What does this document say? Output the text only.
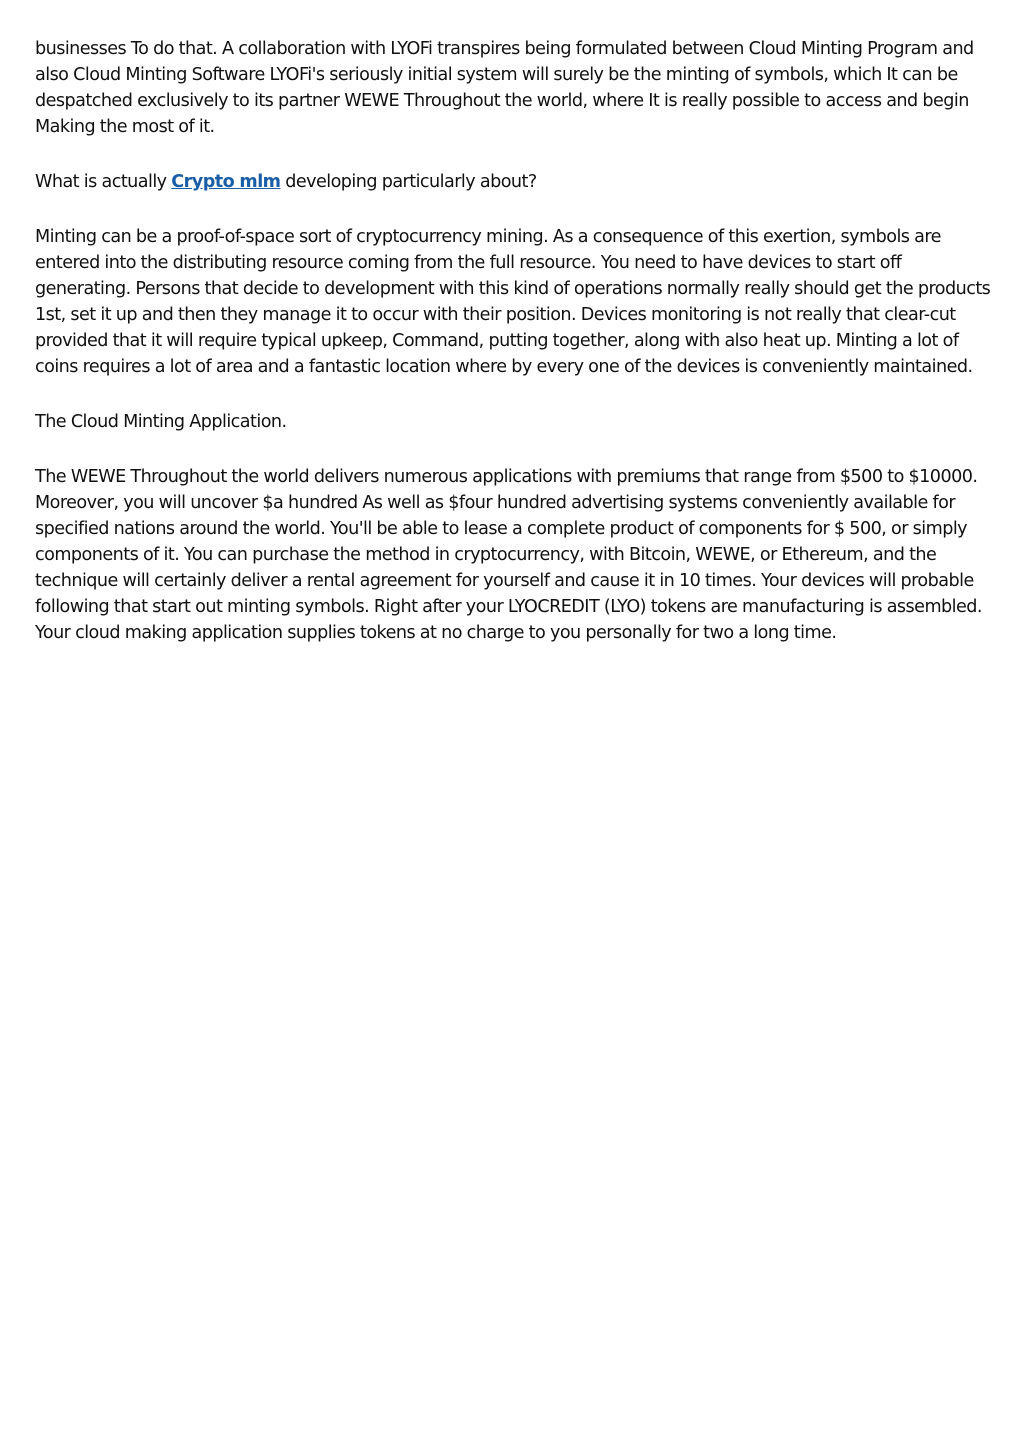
businesses To do that. A collaboration with LYOFi transpires being formulated between Cloud Minting Program and also Cloud Minting Software LYOFi's seriously initial system will surely be the minting of symbols, which It can be despatched exclusively to its partner WEWE Throughout the world, where It is really possible to access and begin Making the most of it.

What is actually Crypto mlm developing particularly about?

Minting can be a proof-of-space sort of cryptocurrency mining. As a consequence of this exertion, symbols are entered into the distributing resource coming from the full resource. You need to have devices to start off generating. Persons that decide to development with this kind of operations normally really should get the products 1st, set it up and then they manage it to occur with their position. Devices monitoring is not really that clear-cut provided that it will require typical upkeep, Command, putting together, along with also heat up. Minting a lot of coins requires a lot of area and a fantastic location where by every one of the devices is conveniently maintained.

The Cloud Minting Application.

The WEWE Throughout the world delivers numerous applications with premiums that range from $500 to $10000. Moreover, you will uncover $a hundred As well as $four hundred advertising systems conveniently available for specified nations around the world. You'll be able to lease a complete product of components for $ 500, or simply components of it. You can purchase the method in cryptocurrency, with Bitcoin, WEWE, or Ethereum, and the technique will certainly deliver a rental agreement for yourself and cause it in 10 times. Your devices will probable following that start out minting symbols. Right after your LYOCREDIT (LYO) tokens are manufacturing is assembled. Your cloud making application supplies tokens at no charge to you personally for two a long time.
